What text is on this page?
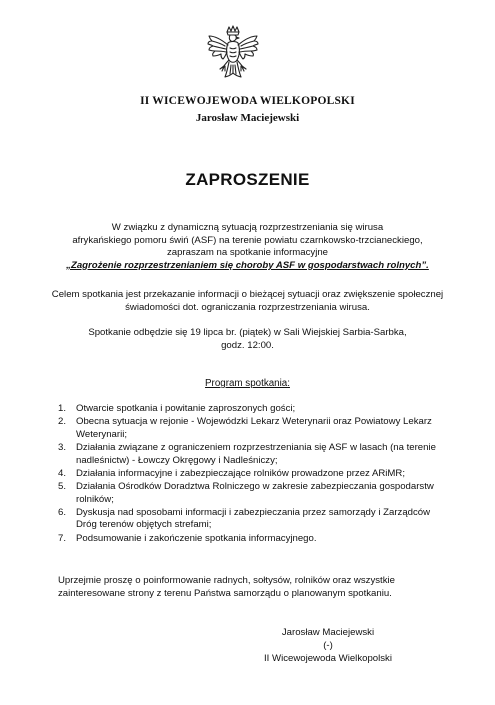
II WICEWOJEWODA WIELKOPOLSKI
Jarosław Maciejewski
ZAPROSZENIE
W związku z dynamiczną sytuacją rozprzestrzeniania się wirusa
afrykańskiego pomoru świń (ASF) na terenie powiatu czarnkowsko-trzcianeckiego,
zapraszam na spotkanie informacyjne
„Zagrożenie rozprzestrzenianiem się choroby ASF w gospodarstwach rolnych”.
Celem spotkania jest przekazanie informacji o bieżącej sytuacji oraz zwiększenie społecznej
świadomości dot. ograniczania rozprzestrzeniania wirusa.
Spotkanie odbędzie się 19 lipca br. (piątek) w Sali Wiejskiej Sarbia-Sarbka,
godz. 12:00.
Program spotkania:
1. Otwarcie spotkania i powitanie zaproszonych gości;
2. Obecna sytuacja w rejonie - Wojewódzki Lekarz Weterynarii oraz Powiatowy Lekarz Weterynarii;
3. Działania związane z ograniczeniem rozprzestrzeniania się ASF w lasach (na terenie nadleśnictw) - Łowczy Okręgowy i Nadleśniczy;
4. Działania informacyjne i zabezpieczające rolników prowadzone przez ARiMR;
5. Działania Ośrodków Doradztwa Rolniczego w zakresie zabezpieczania gospodarstw rolników;
6. Dyskusja nad sposobami informacji i zabezpieczania przez samorządy i Zarządców Dróg terenów objętych strefami;
7. Podsumowanie i zakończenie spotkania informacyjnego.
Uprzejmie proszę o poinformowanie radnych, sołtysów, rolników oraz wszystkie zainteresowane strony z terenu Państwa samorządu o planowanym spotkaniu.
Jarosław Maciejewski
(-)
II Wicewojewoda Wielkopolski
